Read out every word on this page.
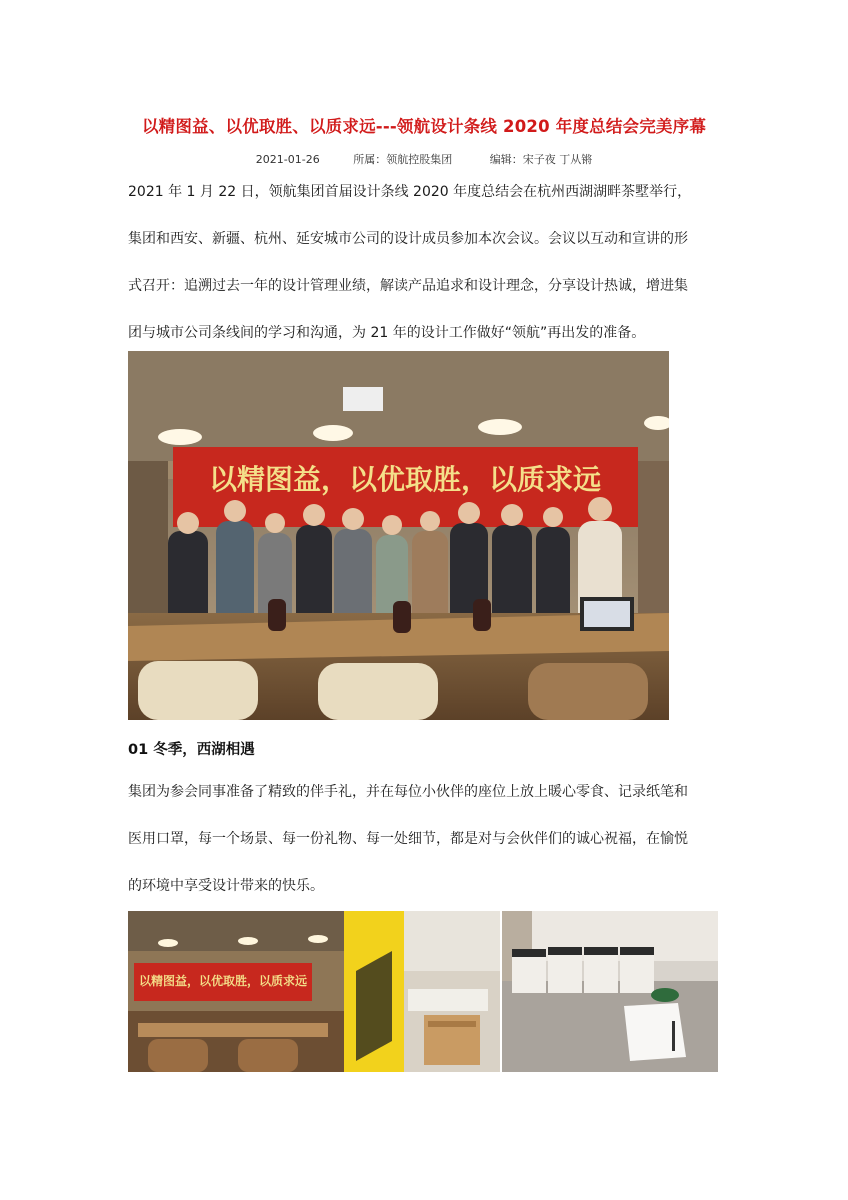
以精图益、以优取胜、以质求远---领航设计条线 2020 年度总结会完美序幕
2021-01-26	所属：领航控股集团	编辑：宋子夜 丁从锵

2021 年 1 月 22 日，领航集团首届设计条线 2020 年度总结会在杭州西湖湖畔茶墅举行，
集团和西安、新疆、杭州、延安城市公司的设计成员参加本次会议。会议以互动和宣讲的形
式召开：追溯过去一年的设计管理业绩，解读产品追求和设计理念，分享设计热诚，增进集
团与城市公司条线间的学习和沟通，为 21 年的设计工作做好“领航”再出发的准备。

以精图益，以优取胜，以质求远
01 冬季，西湖相遇

集团为参会同事准备了精致的伴手礼，并在每位小伙伴的座位上放上暖心零食、记录纸笔和
医用口罩，每一个场景、每一份礼物、每一处细节，都是对与会伙伴们的诚心祝福，在愉悦
的环境中享受设计带来的快乐。

以精图益，以优取胜，以质求远
